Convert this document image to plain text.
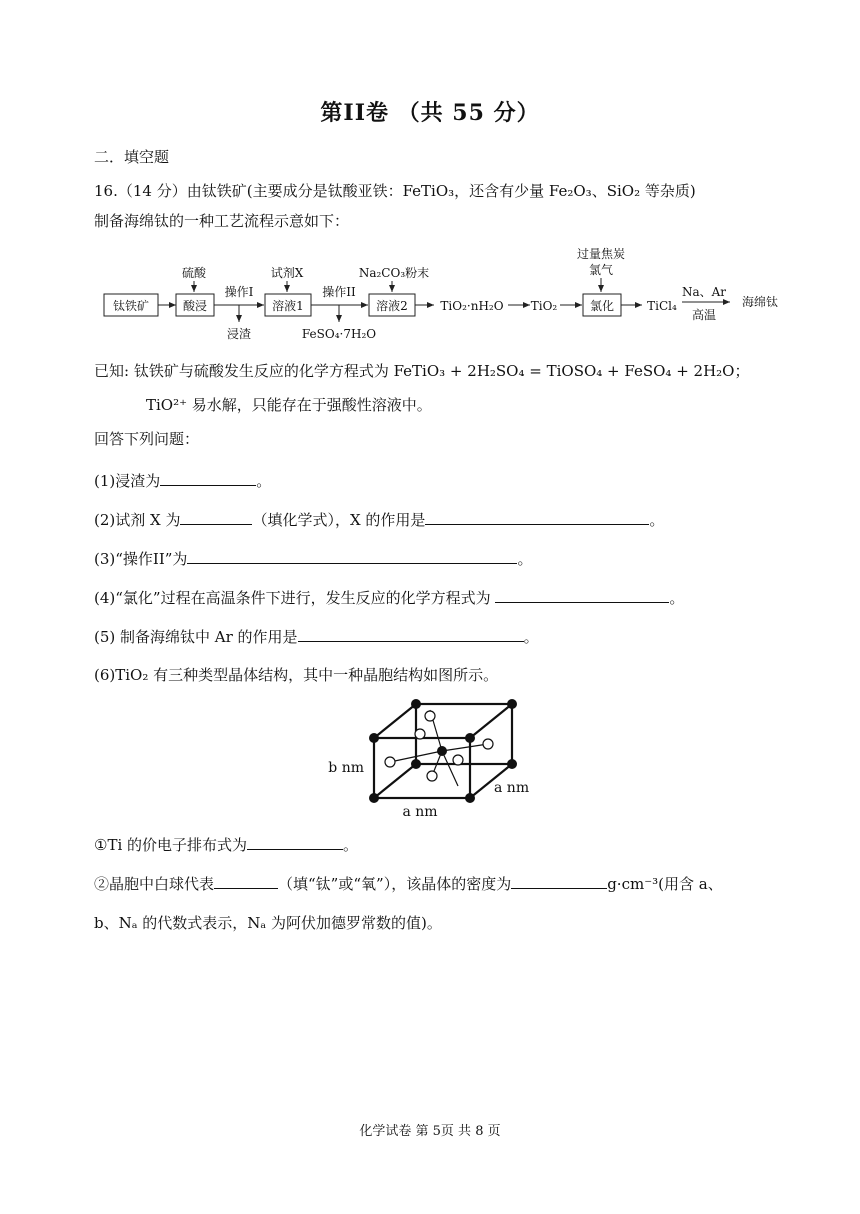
第II卷 （共 55 分）
二．填空题
16.（14 分）由钛铁矿(主要成分是钛酸亚铁：FeTiO₃，还含有少量 Fe₂O₃、SiO₂ 等杂质)
制备海绵钛的一种工艺流程示意如下：
钛铁矿
硫酸
酸浸
操作I
浸渣
试剂X
溶液1
操作II
FeSO₄·7H₂O
Na₂CO₃粉末
溶液2	TiO₂·nH₂O TiO₂
过量焦炭
氯气
氯化	TiCl₄
Na、Ar
高温
海绵钛
已知: 钛铁矿与硫酸发生反应的化学方程式为 FeTiO₃ + 2H₂SO₄ = TiOSO₄ + FeSO₄ + 2H₂O；
TiO²⁺ 易水解，只能存在于强酸性溶液中。
回答下列问题：
(1)浸渣为	。
(2)试剂 X 为	（填化学式），X 的作用是	。
(3)“操作II”为	。
(4)“氯化”过程在高温条件下进行，发生反应的化学方程式为	。
(5) 制备海绵钛中 Ar 的作用是	。
(6)TiO₂ 有三种类型晶体结构，其中一种晶胞结构如图所示。
b nm
a nm
a nm
①Ti 的价电子排布式为	。
②晶胞中白球代表	（填“钛”或“氧”），该晶体的密度为	g·cm⁻³(用含 a、
b、Nₐ 的代数式表示，Nₐ 为阿伏加德罗常数的值)。
化学试卷 第 5页 共 8 页
